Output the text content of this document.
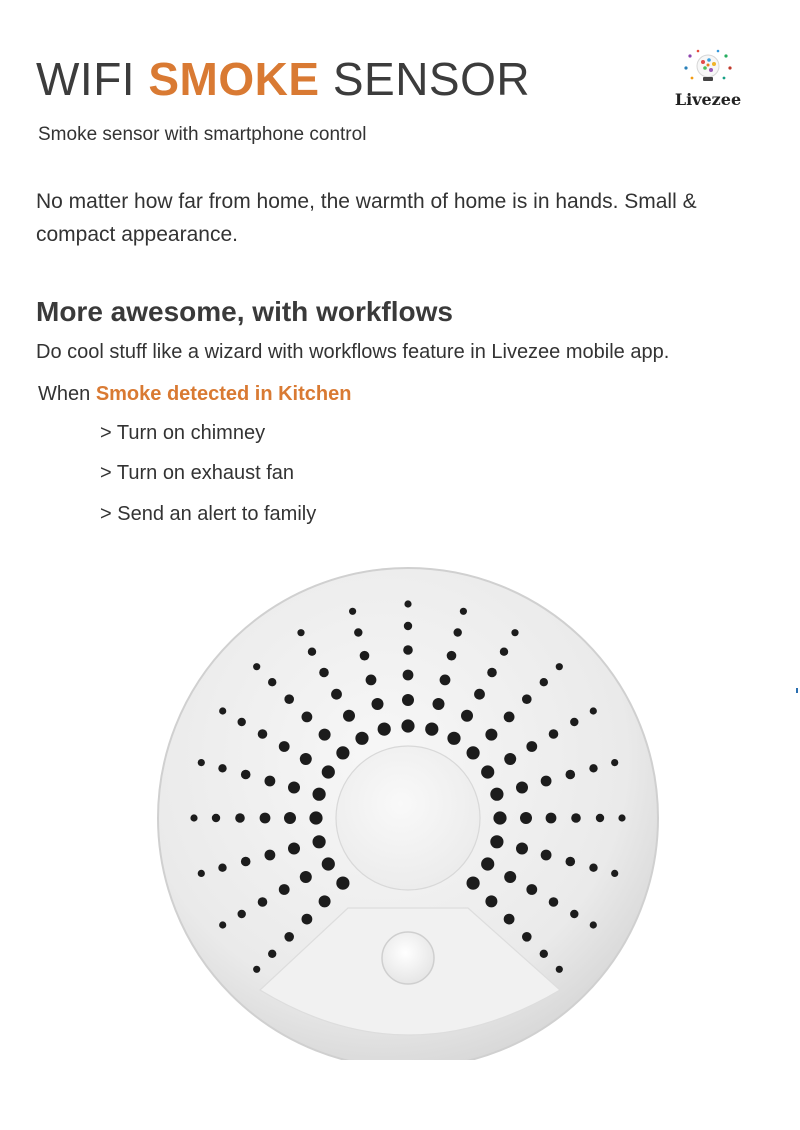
WIFI SMOKE SENSOR
Smoke sensor with smartphone control
Livezee
No matter how far from home, the warmth of home is in hands. Small & compact appearance.
More awesome, with workflows
Do cool stuff like a wizard with workflows feature in Livezee mobile app.
When Smoke detected in Kitchen
> Turn on chimney
> Turn on exhaust fan
> Send an alert to family
